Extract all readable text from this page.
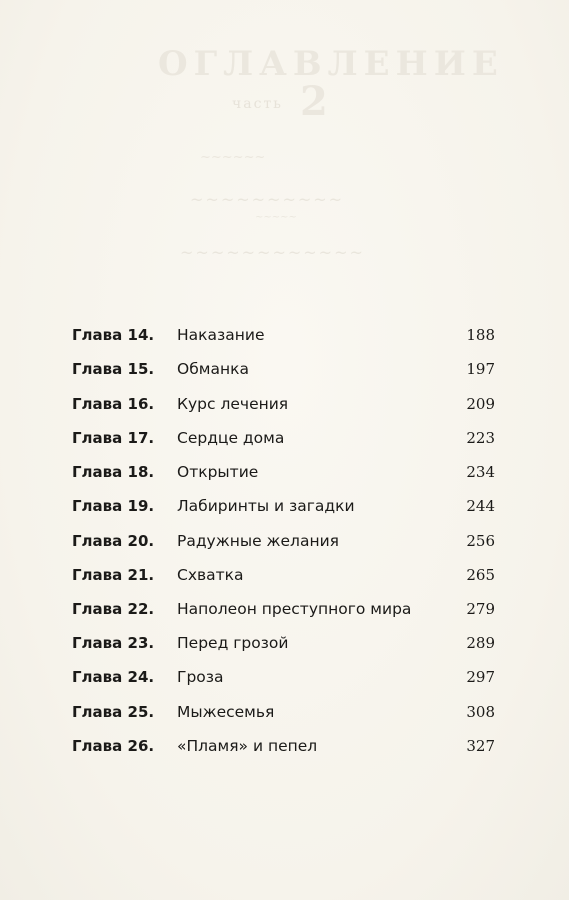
ОГЛАВЛЕНИЕ
2
часть
~~~~~~
~~~~~~~~~~
~~~~~
~~~~~~~~~~~~
Глава 14. Наказание	188
Глава 15. Обманка	197
Глава 16. Курс лечения	209
Глава 17. Сердце дома	223
Глава 18. Открытие	234
Глава 19. Лабиринты и загадки	244
Глава 20. Радужные желания	256
Глава 21. Схватка	265
Глава 22. Наполеон преступного мира	279
Глава 23. Перед грозой	289
Глава 24. Гроза	297
Глава 25. Мыжесемья	308
Глава 26. «Пламя» и пепел	327
